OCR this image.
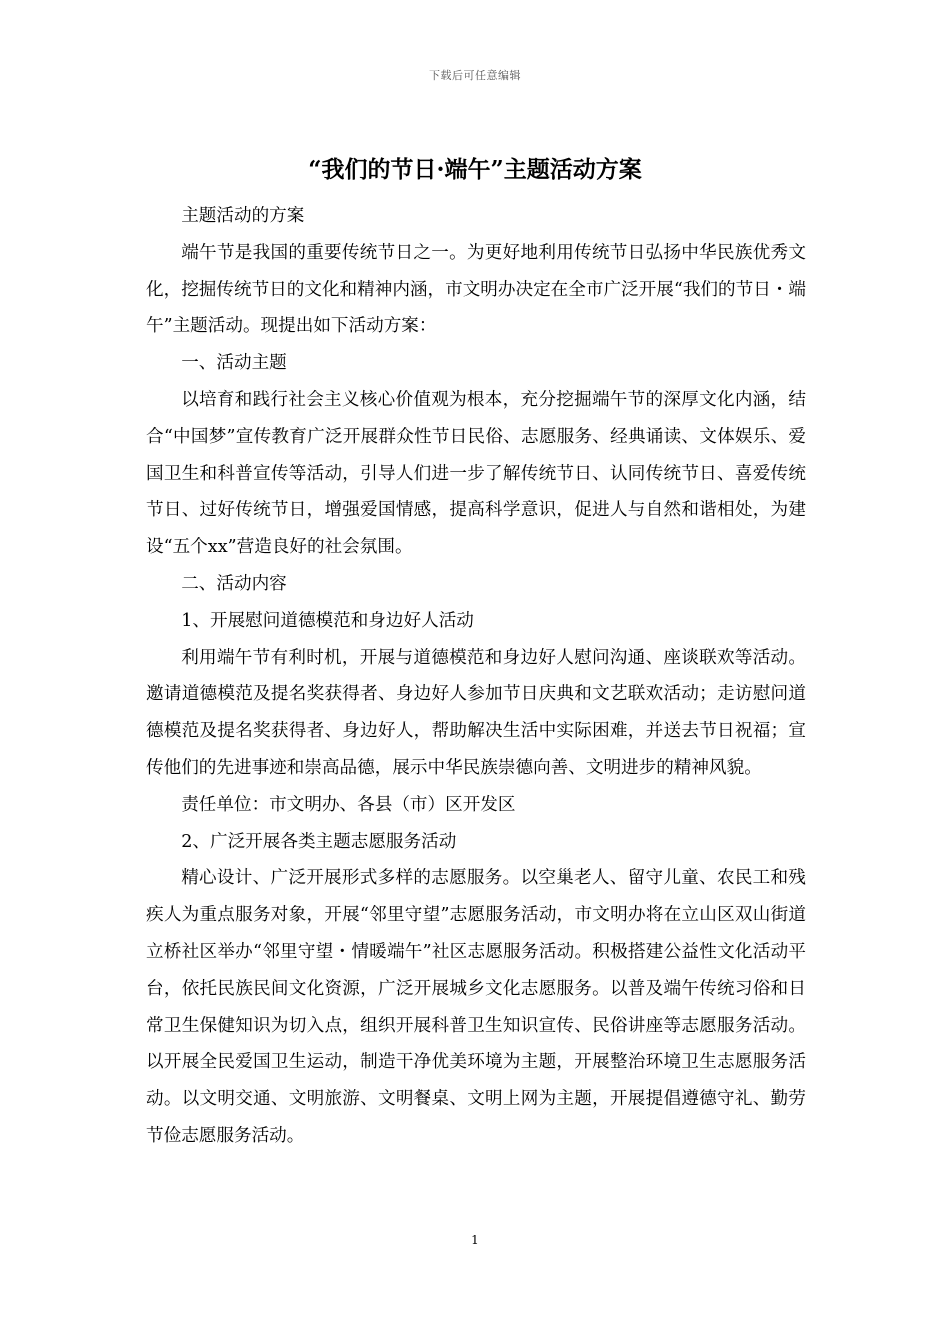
下载后可任意编辑
“我们的节日·端午”主题活动方案

主题活动的方案

端午节是我国的重要传统节日之一。为更好地利用传统节日弘扬中华民族优秀文化，挖掘传统节日的文化和精神内涵，市文明办决定在全市广泛开展“我们的节日・端午”主题活动。现提出如下活动方案：

一、活动主题

以培育和践行社会主义核心价值观为根本，充分挖掘端午节的深厚文化内涵，结合“中国梦”宣传教育广泛开展群众性节日民俗、志愿服务、经典诵读、文体娱乐、爱国卫生和科普宣传等活动，引导人们进一步了解传统节日、认同传统节日、喜爱传统节日、过好传统节日，增强爱国情感，提高科学意识，促进人与自然和谐相处，为建设“五个xx”营造良好的社会氛围。

二、活动内容

1、开展慰问道德模范和身边好人活动

利用端午节有利时机，开展与道德模范和身边好人慰问沟通、座谈联欢等活动。邀请道德模范及提名奖获得者、身边好人参加节日庆典和文艺联欢活动；走访慰问道德模范及提名奖获得者、身边好人，帮助解决生活中实际困难，并送去节日祝福；宣传他们的先进事迹和崇高品德，展示中华民族崇德向善、文明进步的精神风貌。

责任单位：市文明办、各县（市）区开发区

2、广泛开展各类主题志愿服务活动

精心设计、广泛开展形式多样的志愿服务。以空巢老人、留守儿童、农民工和残疾人为重点服务对象，开展“邻里守望”志愿服务活动，市文明办将在立山区双山街道立桥社区举办“邻里守望・情暖端午”社区志愿服务活动。积极搭建公益性文化活动平台，依托民族民间文化资源，广泛开展城乡文化志愿服务。以普及端午传统习俗和日常卫生保健知识为切入点，组织开展科普卫生知识宣传、民俗讲座等志愿服务活动。以开展全民爱国卫生运动，制造干净优美环境为主题，开展整治环境卫生志愿服务活动。以文明交通、文明旅游、文明餐桌、文明上网为主题，开展提倡遵德守礼、勤劳节俭志愿服务活动。

1
